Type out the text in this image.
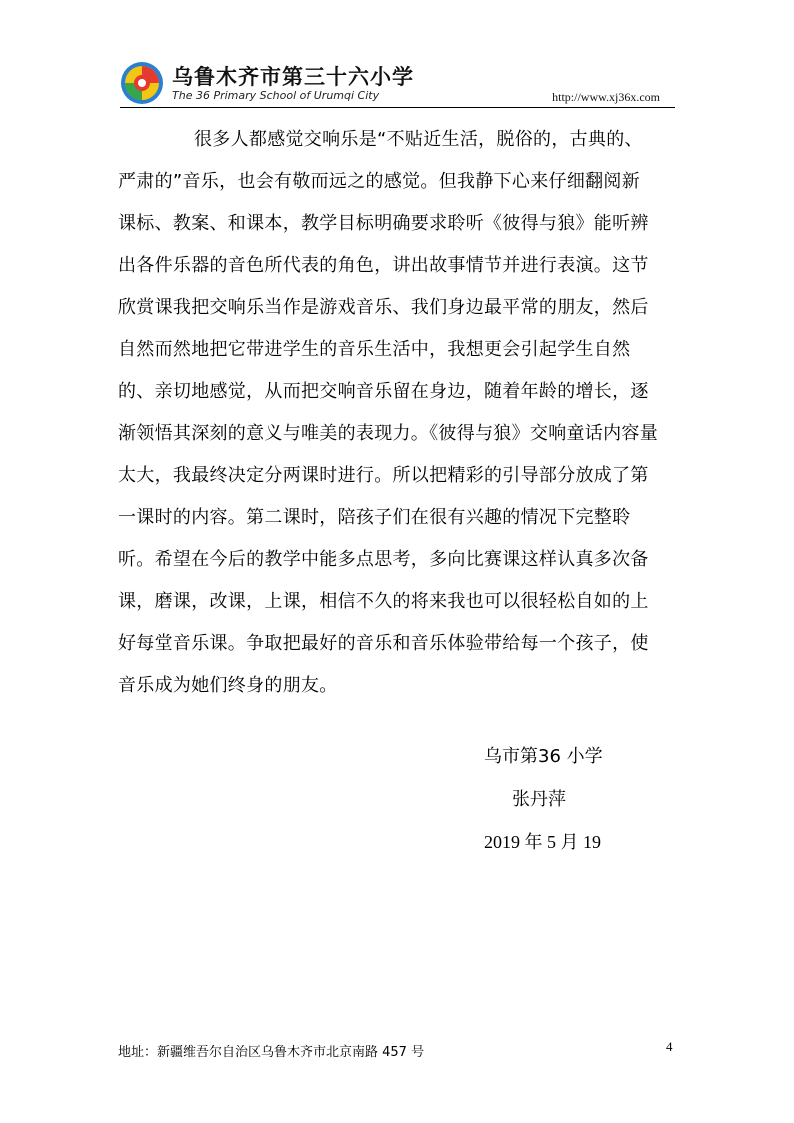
乌鲁木齐市第三十六小学
The 36 Primary School of Urumqi City	http://www.xj36x.com
很多人都感觉交响乐是“不贴近生活，脱俗的，古典的、
严肃的”音乐，也会有敬而远之的感觉。但我静下心来仔细翻阅新
课标、教案、和课本，教学目标明确要求聆听《彼得与狼》能听辨
出各件乐器的音色所代表的角色，讲出故事情节并进行表演。这节
欣赏课我把交响乐当作是游戏音乐、我们身边最平常的朋友，然后
自然而然地把它带进学生的音乐生活中，我想更会引起学生自然
的、亲切地感觉，从而把交响音乐留在身边，随着年龄的增长，逐
渐领悟其深刻的意义与唯美的表现力。《彼得与狼》交响童话内容量
太大，我最终决定分两课时进行。所以把精彩的引导部分放成了第
一课时的内容。第二课时，陪孩子们在很有兴趣的情况下完整聆
听。希望在今后的教学中能多点思考，多向比赛课这样认真多次备
课，磨课，改课，上课，相信不久的将来我也可以很轻松自如的上
好每堂音乐课。争取把最好的音乐和音乐体验带给每一个孩子，使
音乐成为她们终身的朋友。
乌市第36 小学
张丹萍
2019 年 5 月 19
地址：新疆维吾尔自治区乌鲁木齐市北京南路 457 号	4
